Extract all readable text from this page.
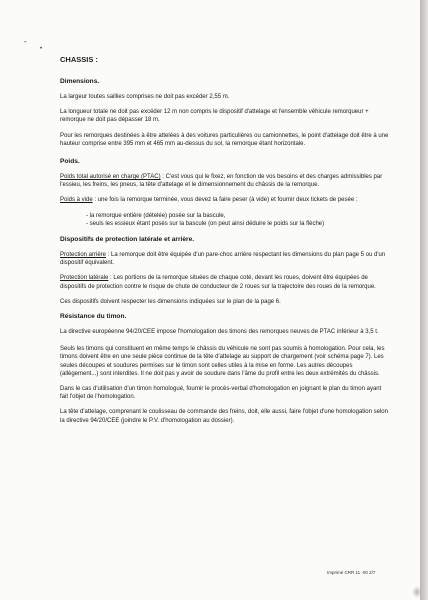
-
•
CHASSIS :
Dimensions.

La largeur toutes saillies comprises ne doit pas excéder 2,55 m.

La longueur totale ne doit pas excéder 12 m non compris le dispositif d'attelage et l'ensemble véhicule remorqueur + remorque ne doit pas dépasser 18 m.

Pour les remorques destinées à être attelées à des voitures particulières ou camionnettes, le point d'attelage doit être à une hauteur comprise entre 395 mm et 465 mm au-dessus du sol, la remorque étant horizontale.

Poids.

Poids total autorisé en charge (PTAC) : C'est vous qui le fixez, en fonction de vos besoins et des charges admissibles par l'essieu, les freins, les pneus, la tête d'attelage et le dimensionnement du châssis de la remorque.

Poids à vide : une fois la remorque terminée, vous devez la faire peser (à vide) et fournir deux tickets de pesée :

- la remorque entière (dételée) posée sur la bascule,
- seuls les essieux étant posés sur la bascule (on peut ainsi déduire le poids sur la flèche)
Dispositifs de protection latérale et arrière.

Protection arrière : La remorque doit être équipée d'un pare-choc arrière respectant les dimensions du plan page 5 ou d'un dispositif équivalent.

Protection latérale : Les portions de la remorque situées de chaque coté, devant les roues, doivent être équipées de dispositifs de protection contre le risque de chute de conducteur de 2 roues sur la trajectoire des roues de la remorque.

Ces dispositifs doivent respecter les dimensions indiquées sur le plan de la page 6.

Résistance du timon.

La directive européenne 94/20/CEE impose l'homologation des timons des remorques neuves de PTAC inférieur à 3,5 t.

Seuls les timons qui constituent en même temps le châssis du véhicule ne sont pas soumis à homologation. Pour cela, les timons doivent être en une seule pièce continue de la tête d'attelage au support de chargement (voir schéma page 7). Les seules découpes et soudures permises sur le timon sont celles utiles à la mise en forme. Les autres découpes (allègement...) sont interdites. Il ne doit pas y avoir de soudure dans l'âme du profil entre les deux extrémités du châssis.

Dans le cas d'utilisation d'un timon homologué, fournir le procès-verbal d'homologation en joignant le plan du timon ayant fait l'objet de l'homologation.

La tête d'attelage, comprenant le coulisseau de commande des freins, doit, elle aussi, faire l'objet d'une homologation selon la directive 94/20/CEE (joindre le P.V. d'homologation au dossier).

Imprimé CRR 11 -00 2/7
